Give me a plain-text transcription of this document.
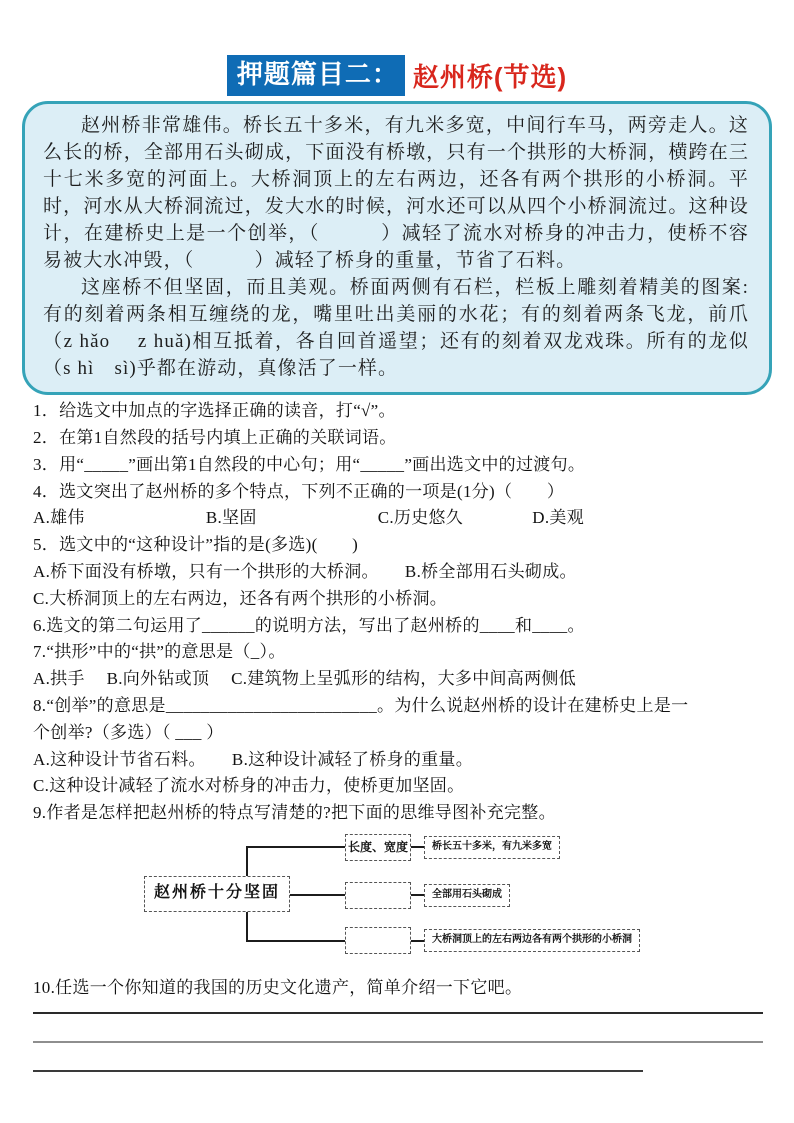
押题篇目二： 赵州桥(节选)

赵州桥非常雄伟。桥长五十多米，有九米多宽，中间行车马，两旁走人。这么长的桥，全部用石头砌成，下面没有桥墩，只有一个拱形的大桥洞，横跨在三十七米多宽的河面上。大桥洞顶上的左右两边，还各有两个拱形的小桥洞。平时，河水从大桥洞流过，发大水的时候，河水还可以从四个小桥洞流过。这种设计，在建桥史上是一个创举，（　　　）减轻了流水对桥身的冲击力，使桥不容易被大水冲毁，（　　　）减轻了桥身的重量，节省了石料。

这座桥不但坚固，而且美观。桥面两侧有石栏，栏板上雕刻着精美的图案:有的刻着两条相互缠绕的龙，嘴里吐出美丽的水花；有的刻着两条飞龙，前爪（z hǎo　 z huǎ)相互抵着，各自回首遥望；还有的刻着双龙戏珠。所有的龙似（s hì　sì)乎都在游动，真像活了一样。

1．给选文中加点的字选择正确的读音，打“√”。
2．在第1自然段的括号内填上正确的关联词语。
3．用“_____”画出第1自然段的中心句；用“_____”画出选文中的过渡句。
4．选文突出了赵州桥的多个特点，下列不正确的一项是(1分)（　　）
A.雄伟　　　　　　　B.坚固　　　　　　　C.历史悠久　　　　D.美观
5．选文中的“这种设计”指的是(多选)(　　)
A.桥下面没有桥墩，只有一个拱形的大桥洞。　　B.桥全部用石头砌成。
C.大桥洞顶上的左右两边，还各有两个拱形的小桥洞。
6.选文的第二句运用了______的说明方法，写出了赵州桥的____和____。
7.“拱形”中的“拱”的意思是（_）。
A.拱手　 B.向外钻或顶　 C.建筑物上呈弧形的结构，大多中间高两侧低
8.“创举”的意思是________________________。为什么说赵州桥的设计在建桥史上是一
个创举?（多选）（ ___ ）
A.这种设计节省石料。　　B.这种设计减轻了桥身的重量。
C.这种设计减轻了流水对桥身的冲击力，使桥更加坚固。
9.作者是怎样把赵州桥的特点写清楚的?把下面的思维导图补充完整。
赵州桥十分坚固
长度、宽度	桥长五十多米，有九米多宽
全部用石头砌成
大桥洞顶上的左右两边各有两个拱形的小桥洞
10.任选一个你知道的我国的历史文化遗产，简单介绍一下它吧。
